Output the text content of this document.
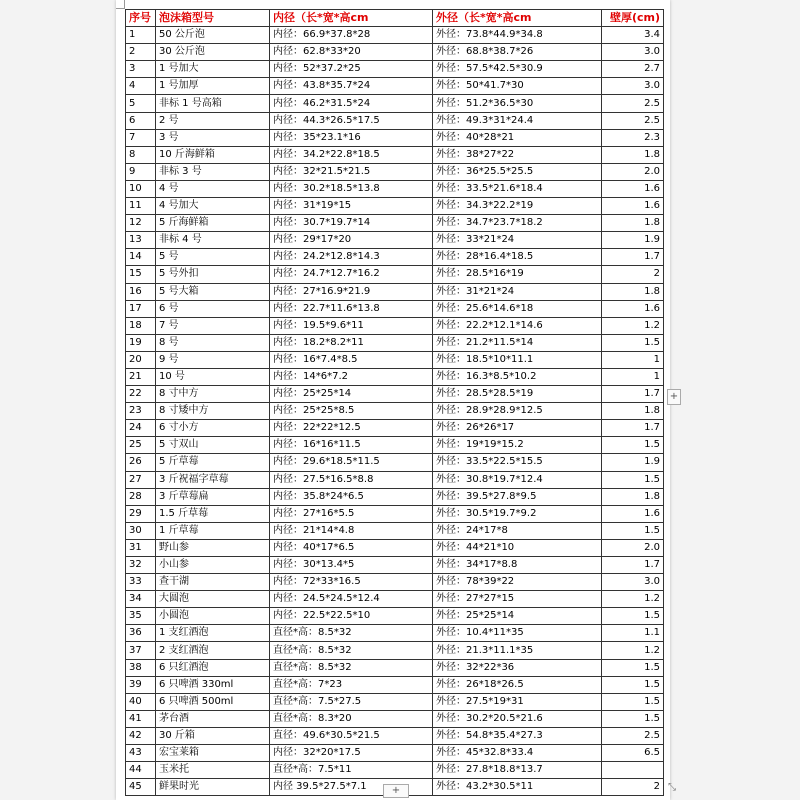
序号	泡沫箱型号	内径（长*宽*高cm	外径（长*宽*高cm	壁厚(cm)
1	50 公斤泡	内径：66.9*37.8*28	外径：73.8*44.9*34.8	3.4
2	30 公斤泡	内径：62.8*33*20	外径：68.8*38.7*26	3.0
3	1 号加大	内径：52*37.2*25	外径：57.5*42.5*30.9	2.7
4	1 号加厚	内径：43.8*35.7*24	外径：50*41.7*30	3.0
5	非标 1 号高箱	内径：46.2*31.5*24	外径：51.2*36.5*30	2.5
6	2 号	内径：44.3*26.5*17.5	外径：49.3*31*24.4	2.5
7	3 号	内径：35*23.1*16	外径：40*28*21	2.3
8	10 斤海鲜箱	内径：34.2*22.8*18.5	外径：38*27*22	1.8
9	非标 3 号	内径：32*21.5*21.5	外径：36*25.5*25.5	2.0
10	4 号	内径：30.2*18.5*13.8	外径：33.5*21.6*18.4	1.6
11	4 号加大	内径：31*19*15	外径：34.3*22.2*19	1.6
12	5 斤海鲜箱	内径：30.7*19.7*14	外径：34.7*23.7*18.2	1.8
13	非标 4 号	内径：29*17*20	外径：33*21*24	1.9
14	5 号	内径：24.2*12.8*14.3	外径：28*16.4*18.5	1.7
15	5 号外扣	内径：24.7*12.7*16.2	外径：28.5*16*19	2
16	5 号大箱	内径：27*16.9*21.9	外径：31*21*24	1.8
17	6 号	内径：22.7*11.6*13.8	外径：25.6*14.6*18	1.6
18	7 号	内径：19.5*9.6*11	外径：22.2*12.1*14.6	1.2
19	8 号	内径：18.2*8.2*11	外径：21.2*11.5*14	1.5
20	9 号	内径：16*7.4*8.5	外径：18.5*10*11.1	1
21	10 号	内径：14*6*7.2	外径：16.3*8.5*10.2	1
22	8 寸中方	内径：25*25*14	外径：28.5*28.5*19	1.7
23	8 寸矮中方	内径：25*25*8.5	外径：28.9*28.9*12.5	1.8
24	6 寸小方	内径：22*22*12.5	外径：26*26*17	1.7
25	5 寸双山	内径：16*16*11.5	外径：19*19*15.2	1.5
26	5 斤草莓	内径：29.6*18.5*11.5	外径：33.5*22.5*15.5	1.9
27	3 斤祝福字草莓	内径：27.5*16.5*8.8	外径：30.8*19.7*12.4	1.5
28	3 斤草莓扁	内径：35.8*24*6.5	外径：39.5*27.8*9.5	1.8
29	1.5 斤草莓	内径：27*16*5.5	外径：30.5*19.7*9.2	1.6
30	1 斤草莓	内径：21*14*4.8	外径：24*17*8	1.5
31	野山参	内径：40*17*6.5	外径：44*21*10	2.0
32	小山参	内径：30*13.4*5	外径：34*17*8.8	1.7
33	查干湖	内径：72*33*16.5	外径：78*39*22	3.0
34	大圆泡	内径：24.5*24.5*12.4	外径：27*27*15	1.2
35	小圆泡	内径：22.5*22.5*10	外径：25*25*14	1.5
36	1 支红酒泡	直径*高：8.5*32	外径：10.4*11*35	1.1
37	2 支红酒泡	直径*高：8.5*32	外径：21.3*11.1*35	1.2
38	6 只红酒泡	直径*高：8.5*32	外径：32*22*36	1.5
39	6 只啤酒 330ml	直径*高：7*23	外径：26*18*26.5	1.5
40	6 只啤酒 500ml	直径*高：7.5*27.5	外径：27.5*19*31	1.5
41	茅台酒	直径*高：8.3*20	外径：30.2*20.5*21.6	1.5
42	30 斤箱	直径：49.6*30.5*21.5	外径：54.8*35.4*27.3	2.5
43	宏宝莱箱	内径：32*20*17.5	外径：45*32.8*33.4	6.5
44	玉米托	直径*高：7.5*11	外径：27.8*18.8*13.7	
45	鲜果时光	内径 39.5*27.5*7.1	外径：43.2*30.5*11	2
+
+	⤡
